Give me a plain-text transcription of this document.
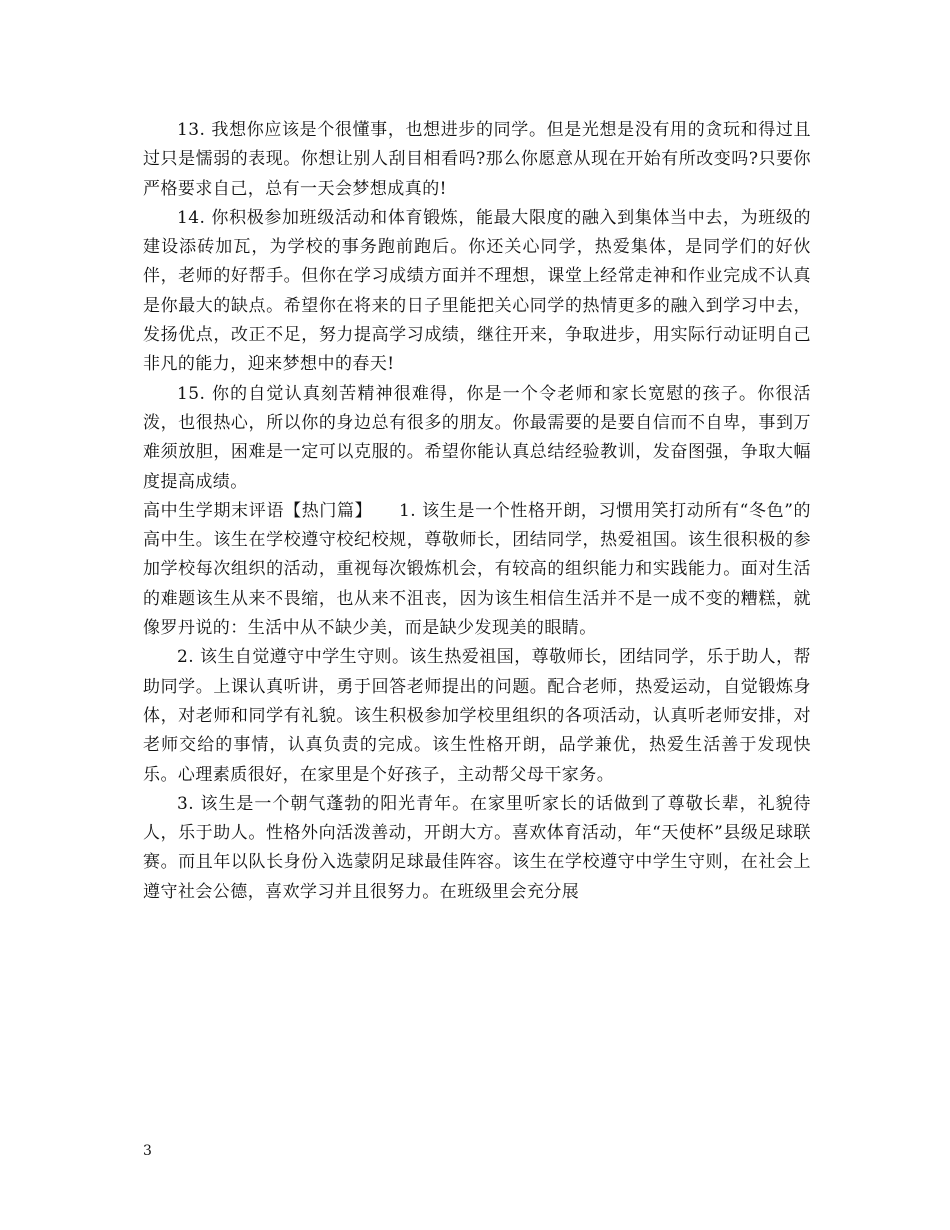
13. 我想你应该是个很懂事，也想进步的同学。但是光想是没有用的贪玩和得过且过只是懦弱的表现。你想让别人刮目相看吗?那么你愿意从现在开始有所改变吗?只要你严格要求自己，总有一天会梦想成真的!

14. 你积极参加班级活动和体育锻炼，能最大限度的融入到集体当中去，为班级的建设添砖加瓦，为学校的事务跑前跑后。你还关心同学，热爱集体，是同学们的好伙伴，老师的好帮手。但你在学习成绩方面并不理想，课堂上经常走神和作业完成不认真是你最大的缺点。希望你在将来的日子里能把关心同学的热情更多的融入到学习中去，发扬优点，改正不足，努力提高学习成绩，继往开来，争取进步，用实际行动证明自己非凡的能力，迎来梦想中的春天!

15. 你的自觉认真刻苦精神很难得，你是一个令老师和家长宽慰的孩子。你很活泼，也很热心，所以你的身边总有很多的朋友。你最需要的是要自信而不自卑，事到万难须放胆，困难是一定可以克服的。希望你能认真总结经验教训，发奋图强，争取大幅度提高成绩。

高中生学期末评语【热门篇】　　1. 该生是一个性格开朗，习惯用笑打动所有“冬色”的高中生。该生在学校遵守校纪校规，尊敬师长，团结同学，热爱祖国。该生很积极的参加学校每次组织的活动，重视每次锻炼机会，有较高的组织能力和实践能力。面对生活的难题该生从来不畏缩，也从来不沮丧，因为该生相信生活并不是一成不变的糟糕，就像罗丹说的：生活中从不缺少美，而是缺少发现美的眼睛。

2. 该生自觉遵守中学生守则。该生热爱祖国，尊敬师长，团结同学，乐于助人，帮助同学。上课认真听讲，勇于回答老师提出的问题。配合老师，热爱运动，自觉锻炼身体，对老师和同学有礼貌。该生积极参加学校里组织的各项活动，认真听老师安排，对老师交给的事情，认真负责的完成。该生性格开朗，品学兼优，热爱生活善于发现快乐。心理素质很好，在家里是个好孩子，主动帮父母干家务。

3. 该生是一个朝气蓬勃的阳光青年。在家里听家长的话做到了尊敬长辈，礼貌待人，乐于助人。性格外向活泼善动，开朗大方。喜欢体育活动，年“天使杯”县级足球联赛。而且年以队长身份入选蒙阴足球最佳阵容。该生在学校遵守中学生守则，在社会上遵守社会公德，喜欢学习并且很努力。在班级里会充分展

3
